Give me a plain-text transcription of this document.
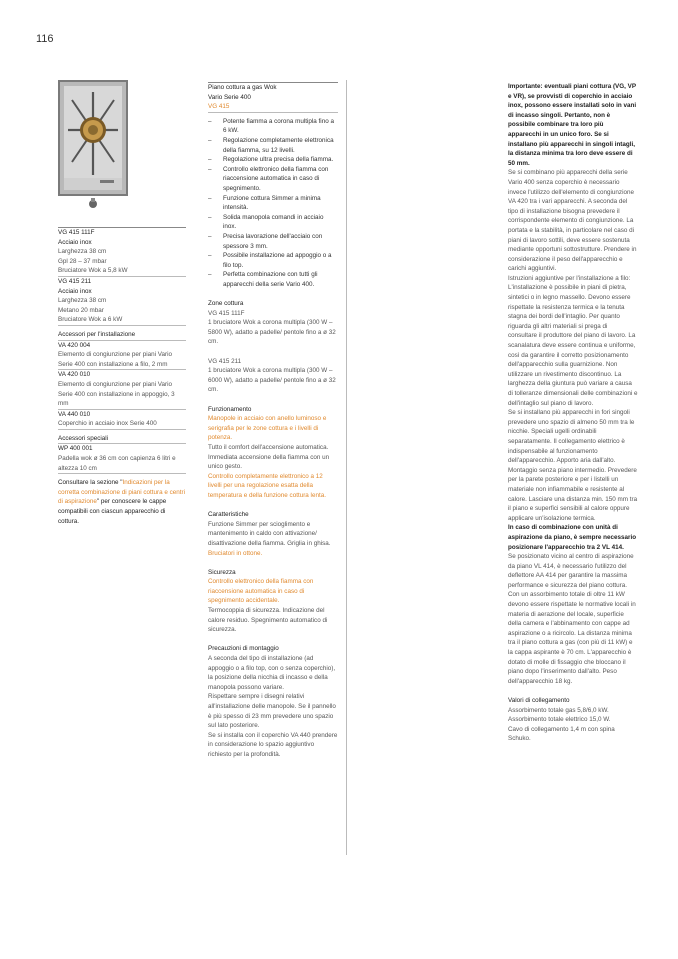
116
VG 415 111F
Acciaio inox
Larghezza 38 cm
Gpl 28 – 37 mbar
Bruciatore Wok a 5,8 kW
VG 415 211
Acciaio inox
Larghezza 38 cm
Metano 20 mbar
Bruciatore Wok a 6 kW
Accessori per l'installazione
VA 420 004
Elemento di congiunzione per piani Vario Serie 400 con installazione a filo, 2 mm
VA 420 010
Elemento di congiunzione per piani Vario Serie 400 con installazione in appoggio, 3 mm
VA 440 010
Coperchio in acciaio inox Serie 400
Accessori speciali
WP 400 001
Padella wok ø 36 cm con capienza 6 litri e altezza 10 cm

Consultare la sezione "Indicazioni per la corretta combinazione di piani cottura e centri di aspirazione" per conoscere le cappe compatibili con ciascun apparecchio di cottura.

Piano cottura a gas Wok
Vario Serie 400
VG 415
– Potente fiamma a corona multipla fino a 6 kW.
– Regolazione completamente elettronica della fiamma, su 12 livelli.
– Regolazione ultra precisa della fiamma.
– Controllo elettronico della fiamma con riaccensione automatica in caso di spegnimento.
– Funzione cottura Simmer a minima intensità.
– Solida manopola comandi in acciaio inox.
– Precisa lavorazione dell'acciaio con spessore 3 mm.
– Possibile installazione ad appoggio o a filo top.
– Perfetta combinazione con tutti gli apparecchi della serie Vario 400.
Zone cottura
VG 415 111F

1 bruciatore Wok a corona multipla (300 W – 5800 W), adatto a padelle/ pentole fino a ø 32 cm.

VG 415 211

1 bruciatore Wok a corona multipla (300 W – 6000 W), adatto a padelle/ pentole fino a ø 32 cm.

Funzionamento

Manopole in acciaio con anello luminoso e serigrafia per le zone cottura e i livelli di potenza.

Tutto il comfort dell'accensione automatica. Immediata accensione della fiamma con un unico gesto.

Controllo completamente elettronico a 12 livelli per una regolazione esatta della temperatura e della funzione cottura lenta.

Caratteristiche

Funzione Simmer per scioglimento e mantenimento in caldo con attivazione/ disattivazione della fiamma. Griglia in ghisa.

Bruciatori in ottone.

Sicurezza

Controllo elettronico della fiamma con riaccensione automatica in caso di spegnimento accidentale.

Termocoppia di sicurezza. Indicazione del calore residuo. Spegnimento automatico di sicurezza.

Precauzioni di montaggio

A seconda del tipo di installazione (ad appoggio o a filo top, con o senza coperchio), la posizione della nicchia di incasso e della manopola possono variare.

Rispettare sempre i disegni relativi all'installazione delle manopole. Se il pannello è più spesso di 23 mm prevedere uno spazio sul lato posteriore.

Se si installa con il coperchio VA 440 prendere in considerazione lo spazio aggiuntivo richiesto per la profondità.

Importante: eventuali piani cottura (VG, VP e VR), se provvisti di coperchio in acciaio inox, possono essere installati solo in vani di incasso singoli. Pertanto, non è possibile combinare tra loro più apparecchi in un unico foro. Se si installano più apparecchi in singoli intagli, la distanza minima tra loro deve essere di 50 mm.

Se si combinano più apparecchi della serie Vario 400 senza coperchio è necessario invece l'utilizzo dell'elemento di congiunzione VA 420 tra i vari apparecchi. A seconda del tipo di installazione bisogna prevedere il corrispondente elemento di congiunzione. La portata e la stabilità, in particolare nel caso di piani di lavoro sottili, deve essere sostenuta mediante opportuni sottostrutture. Prendere in considerazione il peso dell'apparecchio e carichi aggiuntivi.

Istruzioni aggiuntive per l'installazione a filo:

L'installazione è possibile in piani di pietra, sintetici o in legno massello. Devono essere rispettate la resistenza termica e la tenuta stagna dei bordi dell'intaglio. Per quanto riguarda gli altri materiali si prega di consultare il produttore del piano di lavoro. La scanalatura deve essere continua e uniforme, così da garantire il corretto posizionamento dell'apparecchio sulla guarnizione. Non utilizzare un rivestimento discontinuo. La larghezza della giuntura può variare a causa di tolleranze dimensionali delle combinazioni e dell'intaglio sul piano di lavoro.

Se si installano più apparecchi in fori singoli prevedere uno spazio di almeno 50 mm tra le nicchie. Speciali ugelli ordinabili separatamente. Il collegamento elettrico è indispensabile al funzionamento dell'apparecchio. Apporto aria dall'alto. Montaggio senza piano intermedio. Prevedere per la parete posteriore e per i listelli un materiale non infiammabile e resistente al calore. Lasciare una distanza min. 150 mm tra il piano e superfici sensibili al calore oppure applicare un'isolazione termica.

In caso di combinazione con unità di aspirazione da piano, è sempre necessario posizionare l'apparecchio tra 2 VL 414.

Se posizionato vicino al centro di aspirazione da piano VL 414, è necessario l'utilizzo del deflettore AA 414 per garantire la massima performance e sicurezza del piano cottura. Con un assorbimento totale di oltre 11 kW devono essere rispettate le normative locali in materia di aerazione del locale, superficie della camera e l'abbinamento con cappe ad aspirazione o a ricircolo. La distanza minima tra il piano cottura a gas (con più di 11 kW) e la cappa aspirante è 70 cm. L'apparecchio è dotato di molle di fissaggio che bloccano il piano dopo l'inserimento dall'alto. Peso dell'apparecchio 18 kg.

Valori di collegamento
Assorbimento totale gas 5,8/6,0 kW.
Assorbimento totale elettrico 15,0 W.
Cavo di collegamento 1,4 m con spina Schuko.
